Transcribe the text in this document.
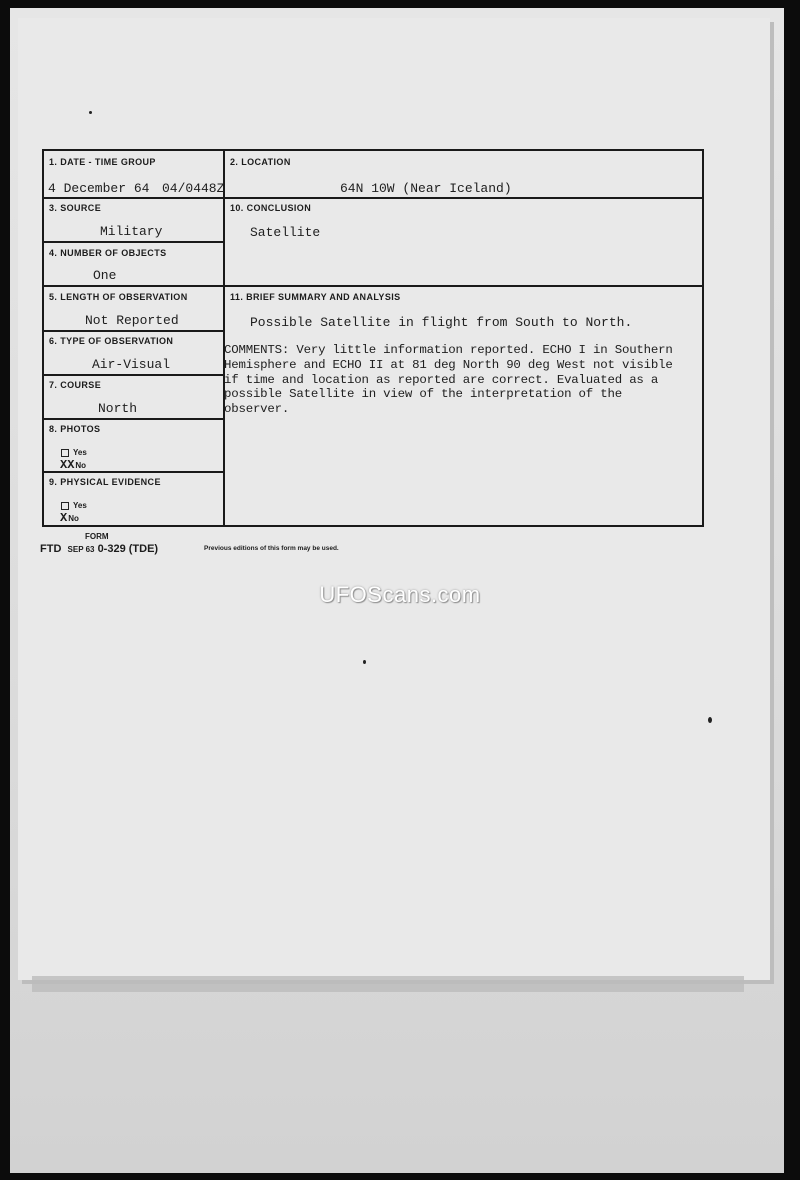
1. DATE - TIME GROUP
4 December 64 04/0448Z
2. LOCATION
64N 10W (Near Iceland)
3. SOURCE
Military
10. CONCLUSION
Satellite
4. NUMBER OF OBJECTS
One
5. LENGTH OF OBSERVATION
Not Reported
11. BRIEF SUMMARY AND ANALYSIS
Possible Satellite in flight from South to North.
6. TYPE OF OBSERVATION
Air-Visual
7. COURSE
North
8. PHOTOS
Yes
XXNo
9. PHYSICAL EVIDENCE
Yes
XNo
COMMENTS: Very little information reported. ECHO I in Southern
Hemisphere and ECHO II at 81 deg North 90 deg West not visible
if time and location as reported are correct. Evaluated as a
possible Satellite in view of the interpretation of the
observer.
FORM
FTD SEP 63 0-329 (TDE)	Previous editions of this form may be used.
UFOScans.com
